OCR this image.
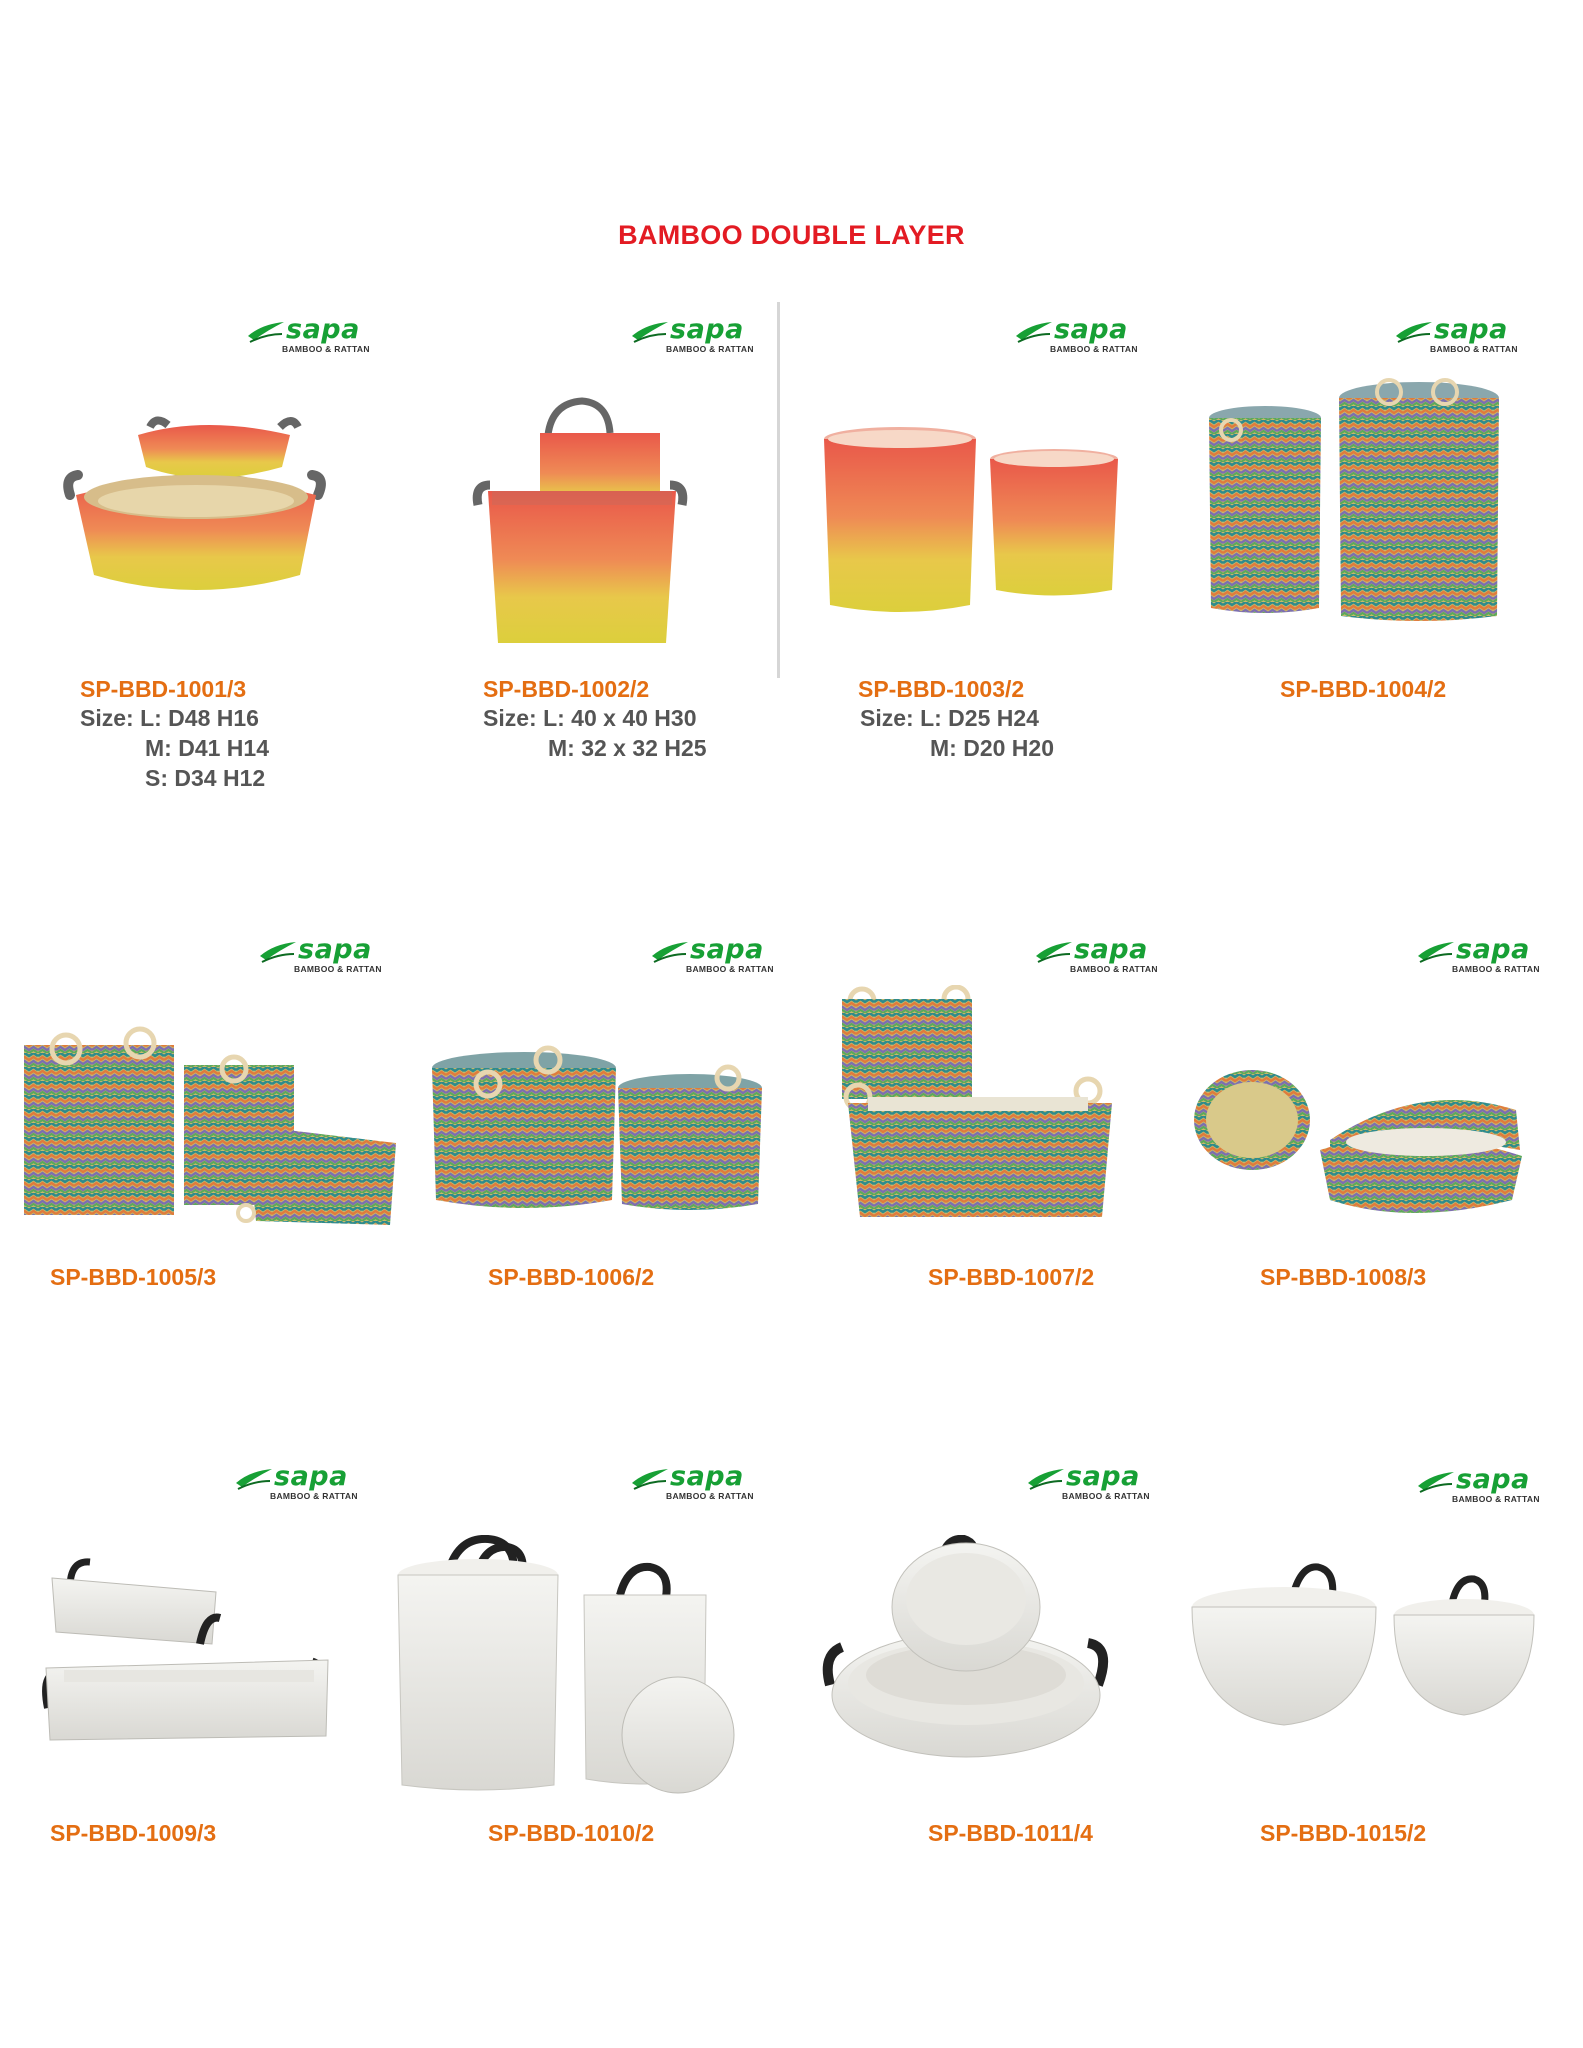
BAMBOO DOUBLE LAYER
sapa
BAMBOO & RATTAN
SP-BBD-1001/3
Size: L: D48 H16
M: D41 H14
S: D34 H12
sapa
BAMBOO & RATTAN
SP-BBD-1002/2
Size: L: 40 x 40 H30
M: 32 x 32 H25
sapa
BAMBOO & RATTAN
SP-BBD-1003/2
Size: L: D25 H24
M: D20 H20
sapa
BAMBOO & RATTAN
SP-BBD-1004/2
sapa
BAMBOO & RATTAN
SP-BBD-1005/3
sapa
BAMBOO & RATTAN
SP-BBD-1006/2
sapa
BAMBOO & RATTAN
SP-BBD-1007/2
sapa
BAMBOO & RATTAN
SP-BBD-1008/3
sapa
BAMBOO & RATTAN
SP-BBD-1009/3
sapa
BAMBOO & RATTAN
SP-BBD-1010/2
sapa
BAMBOO & RATTAN
SP-BBD-1011/4
sapa
BAMBOO & RATTAN
SP-BBD-1015/2
